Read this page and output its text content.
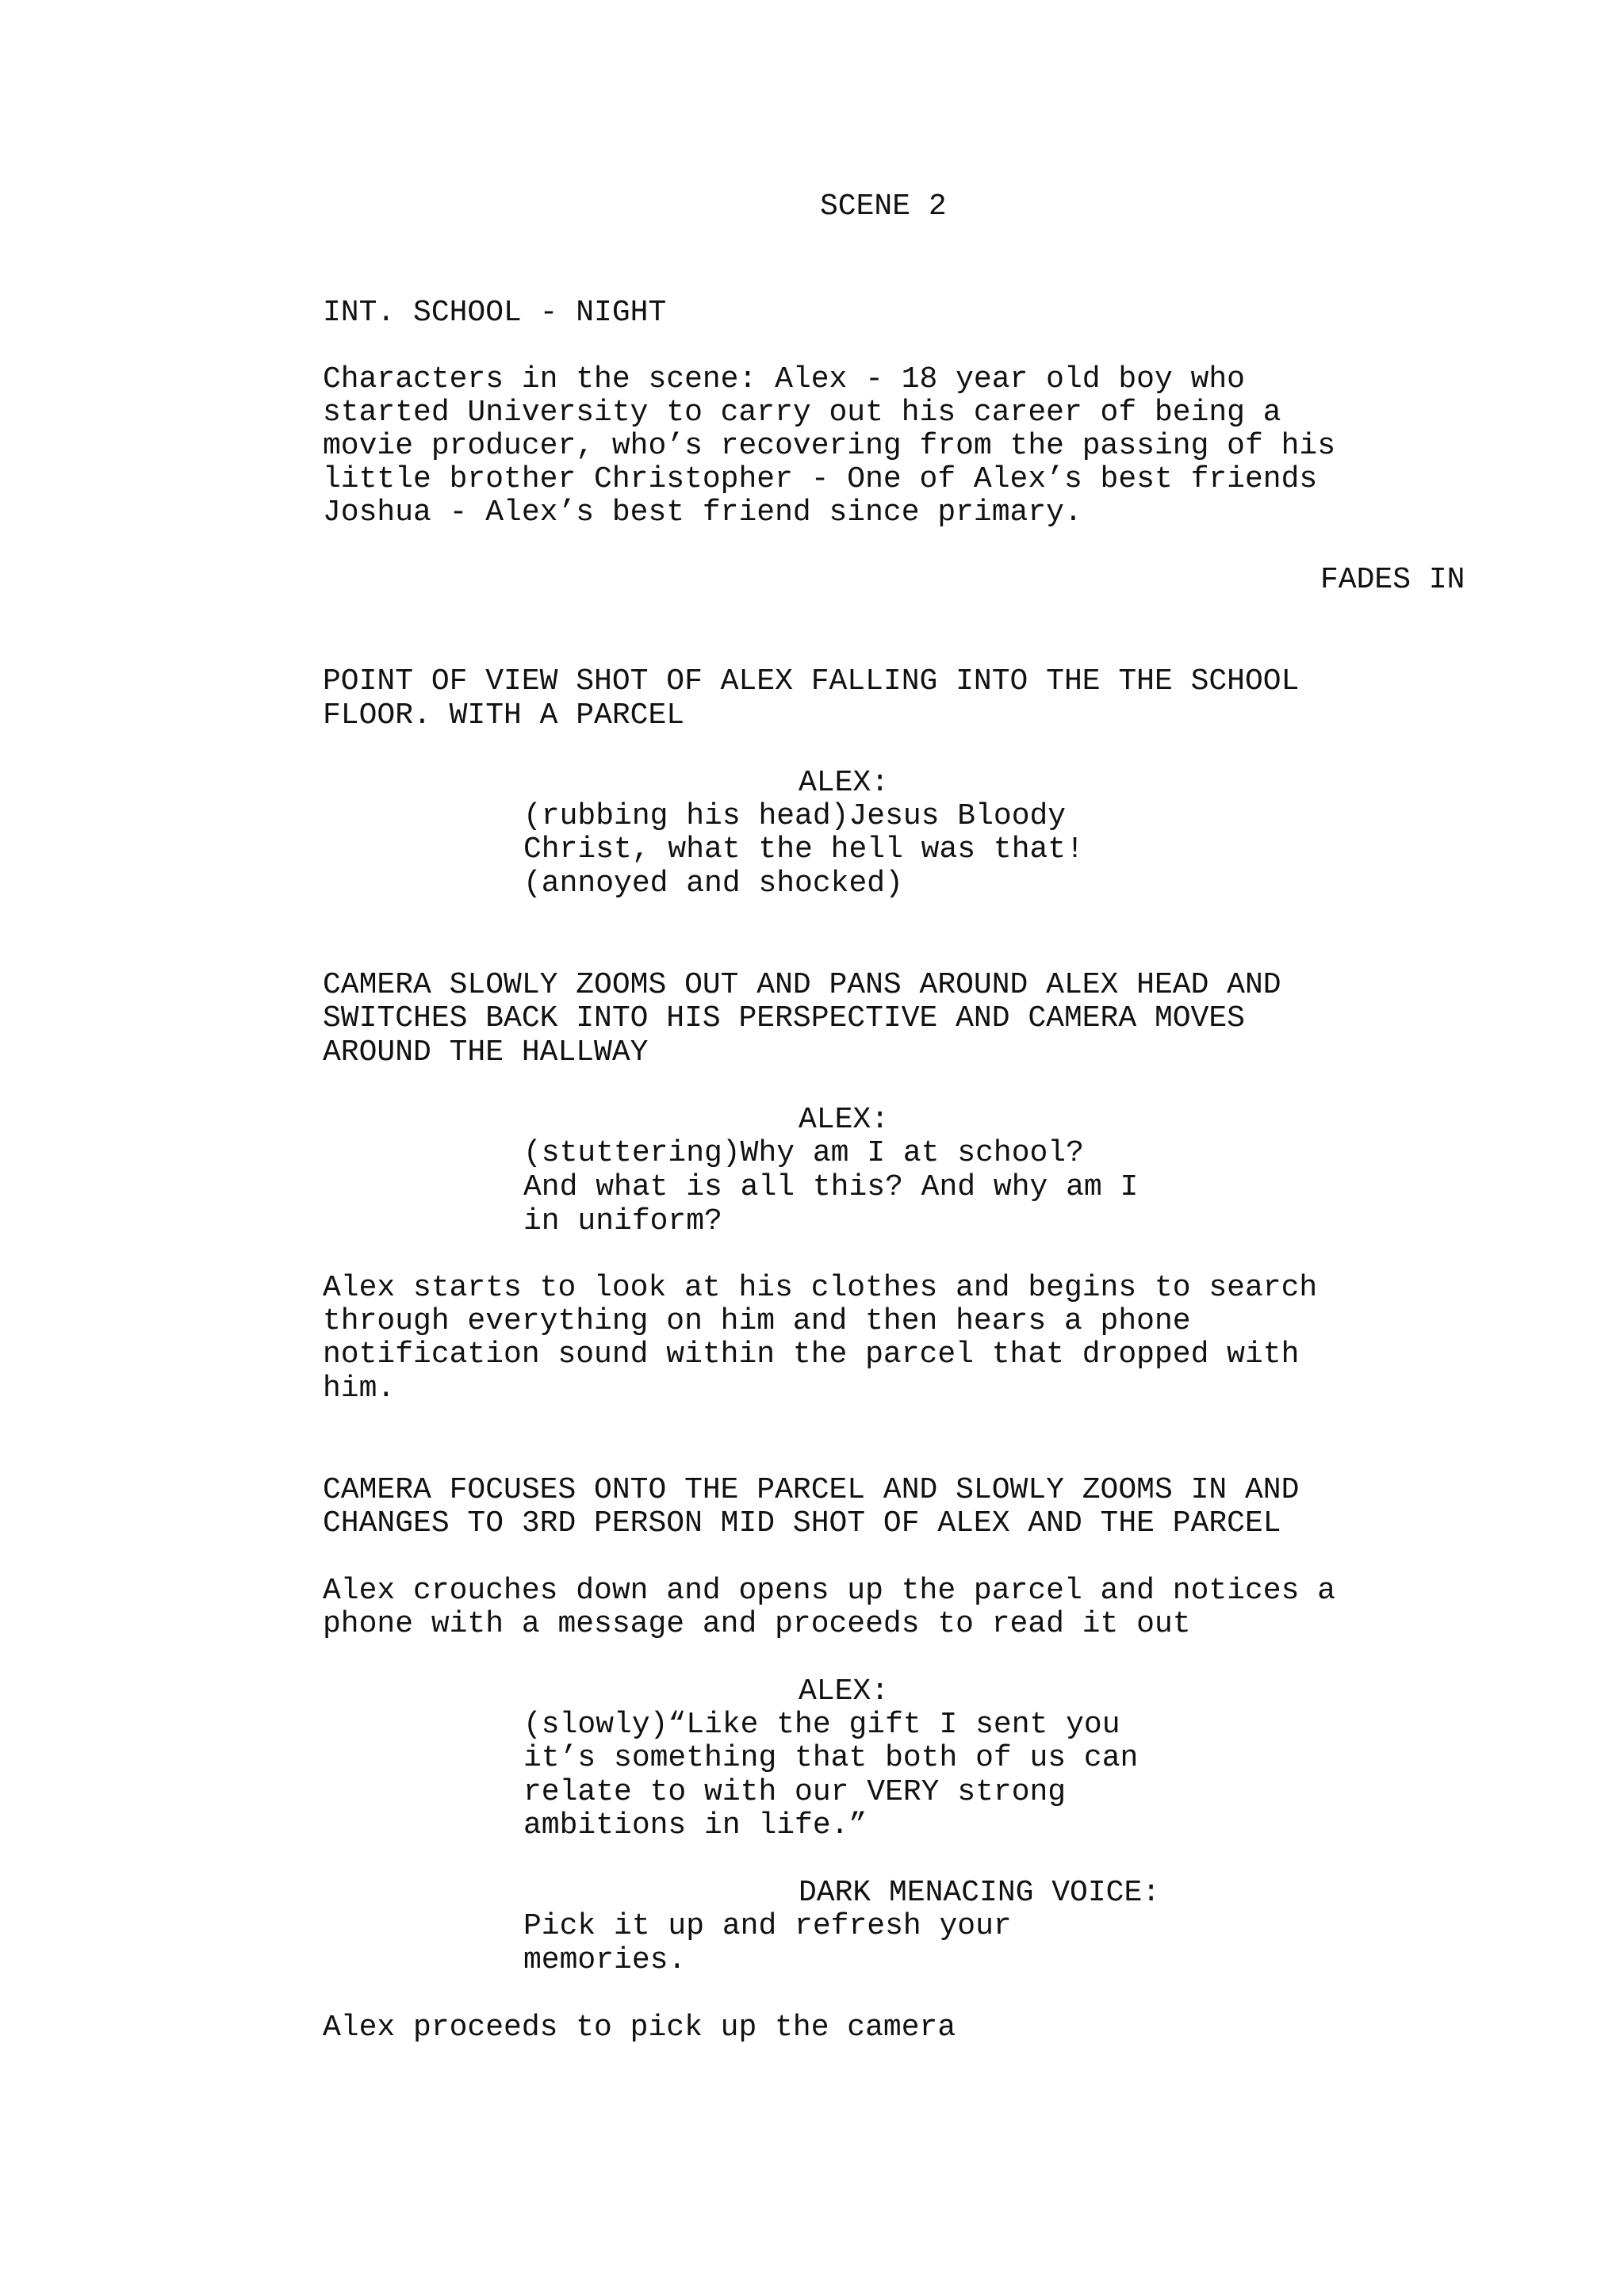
SCENE 2
INT. SCHOOL - NIGHT
Characters in the scene: Alex - 18 year old boy who
started University to carry out his career of being a
movie producer, who’s recovering from the passing of his
little brother Christopher - One of Alex’s best friends
Joshua - Alex’s best friend since primary.
FADES IN
POINT OF VIEW SHOT OF ALEX FALLING INTO THE THE SCHOOL
FLOOR. WITH A PARCEL
ALEX:
(rubbing his head)Jesus Bloody
Christ, what the hell was that!
(annoyed and shocked)
CAMERA SLOWLY ZOOMS OUT AND PANS AROUND ALEX HEAD AND
SWITCHES BACK INTO HIS PERSPECTIVE AND CAMERA MOVES
AROUND THE HALLWAY
ALEX:
(stuttering)Why am I at school?
And what is all this? And why am I
in uniform?
Alex starts to look at his clothes and begins to search
through everything on him and then hears a phone
notification sound within the parcel that dropped with
him.
CAMERA FOCUSES ONTO THE PARCEL AND SLOWLY ZOOMS IN AND
CHANGES TO 3RD PERSON MID SHOT OF ALEX AND THE PARCEL
Alex crouches down and opens up the parcel and notices a
phone with a message and proceeds to read it out
ALEX:
(slowly)“Like the gift I sent you
it’s something that both of us can
relate to with our VERY strong
ambitions in life.”
DARK MENACING VOICE:
Pick it up and refresh your
memories.
Alex proceeds to pick up the camera
